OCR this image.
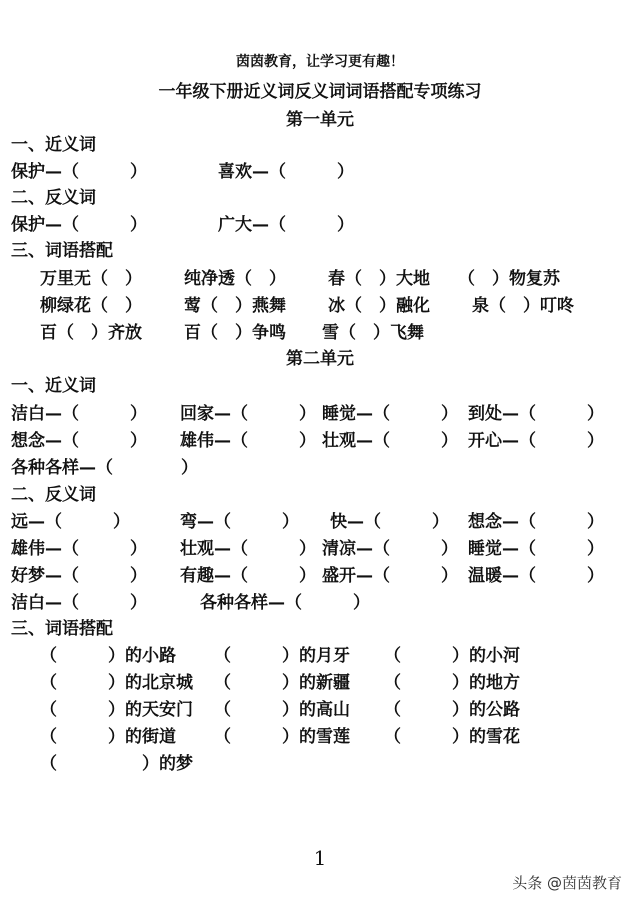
茵茵教育，让学习更有趣！
一年级下册近义词反义词词语搭配专项练习
第一单元
一、近义词
保护—（　　　）	喜欢—（　　　）
二、反义词
保护—（　　　）	广大—（　　　）
三、词语搭配
万里无（　） 纯净透（　） 春（　）大地 （　）物复苏
柳绿花（　） 莺（　）燕舞 冰（　）融化 泉（　）叮咚
百（　）齐放 百（　）争鸣 雪（　）飞舞
第二单元
一、近义词
洁白—（　　　） 回家—（　　　） 睡觉—（　　　） 到处—（　　　）
想念—（　　　） 雄伟—（　　　） 壮观—（　　　） 开心—（　　　）
各种各样—（　　　　）
二、反义词
远—（　　　）	弯—（　　　） 快—（　　　） 想念—（　　　）
雄伟—（　　　） 壮观—（　　　） 清凉—（　　　） 睡觉—（　　　）
好梦—（　　　） 有趣—（　　　） 盛开—（　　　） 温暖—（　　　）
洁白—（　　　）	各种各样—（　　　）
三、词语搭配
（　　　）的小路 （　　　）的月牙 （　　　）的小河
（　　　）的北京城 （　　　）的新疆 （　　　）的地方
（　　　）的天安门 （　　　）的高山 （　　　）的公路
（　　　）的街道 （　　　）的雪莲 （　　　）的雪花
（　　　　　）的梦
1
头条 @茵茵教育
